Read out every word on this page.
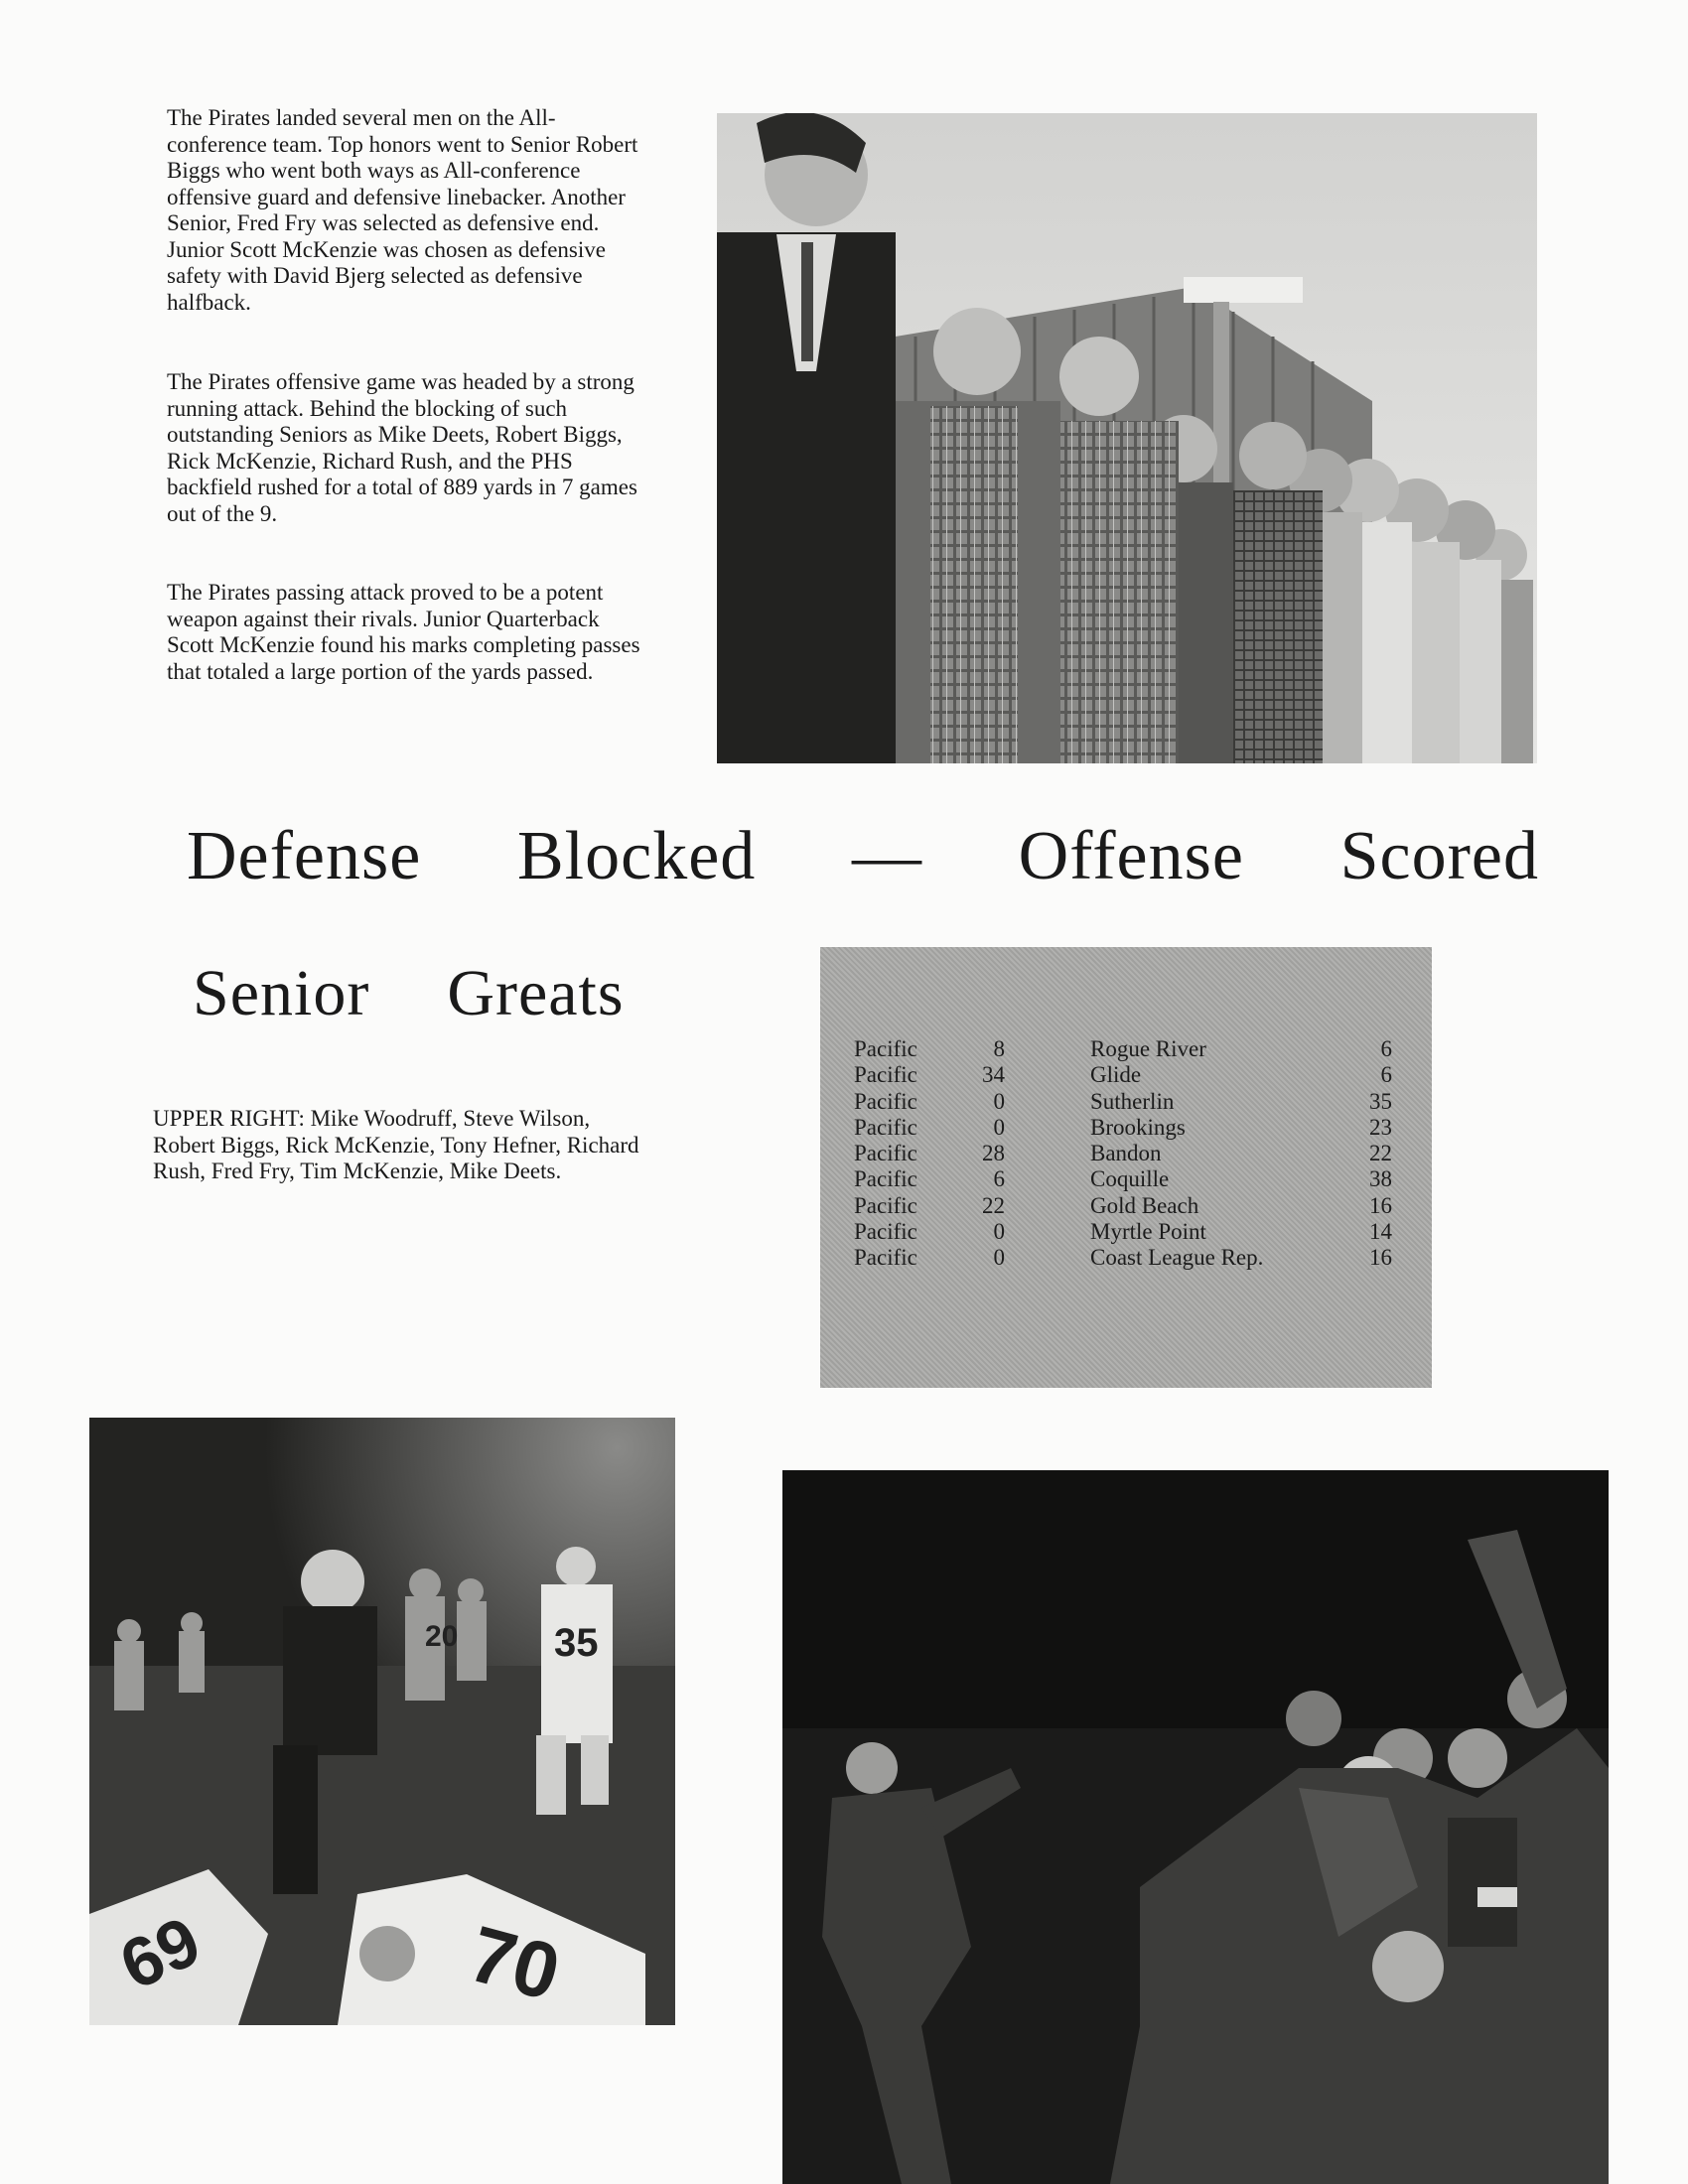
The Pirates landed several men on the All-conference team. Top honors went to Senior Robert Biggs who went both ways as All-conference offensive guard and defensive linebacker. Another Senior, Fred Fry was selected as defensive end. Junior Scott McKenzie was chosen as defensive safety with David Bjerg selected as defensive halfback.

The Pirates offensive game was headed by a strong running attack. Behind the blocking of such outstanding Seniors as Mike Deets, Robert Biggs, Rick McKenzie, Richard Rush, and the PHS backfield rushed for a total of 889 yards in 7 games out of the 9.

The Pirates passing attack proved to be a potent weapon against their rivals. Junior Quarterback Scott McKenzie found his marks completing passes that totaled a large portion of the yards passed.

Defense Blocked — Offense Scored
Senior Greats

UPPER RIGHT: Mike Woodruff, Steve Wilson, Robert Biggs, Rick McKenzie, Tony Hefner, Richard Rush, Fred Fry, Tim McKenzie, Mike Deets.

Pacific	8		Rogue River	6
Pacific	34		Glide	6
Pacific	0		Sutherlin	35
Pacific	0		Brookings	23
Pacific	28		Bandon	22
Pacific	6		Coquille	38
Pacific	22		Gold Beach	16
Pacific	0		Myrtle Point	14
Pacific	0		Coast League Rep.	16
20 35
69	70
